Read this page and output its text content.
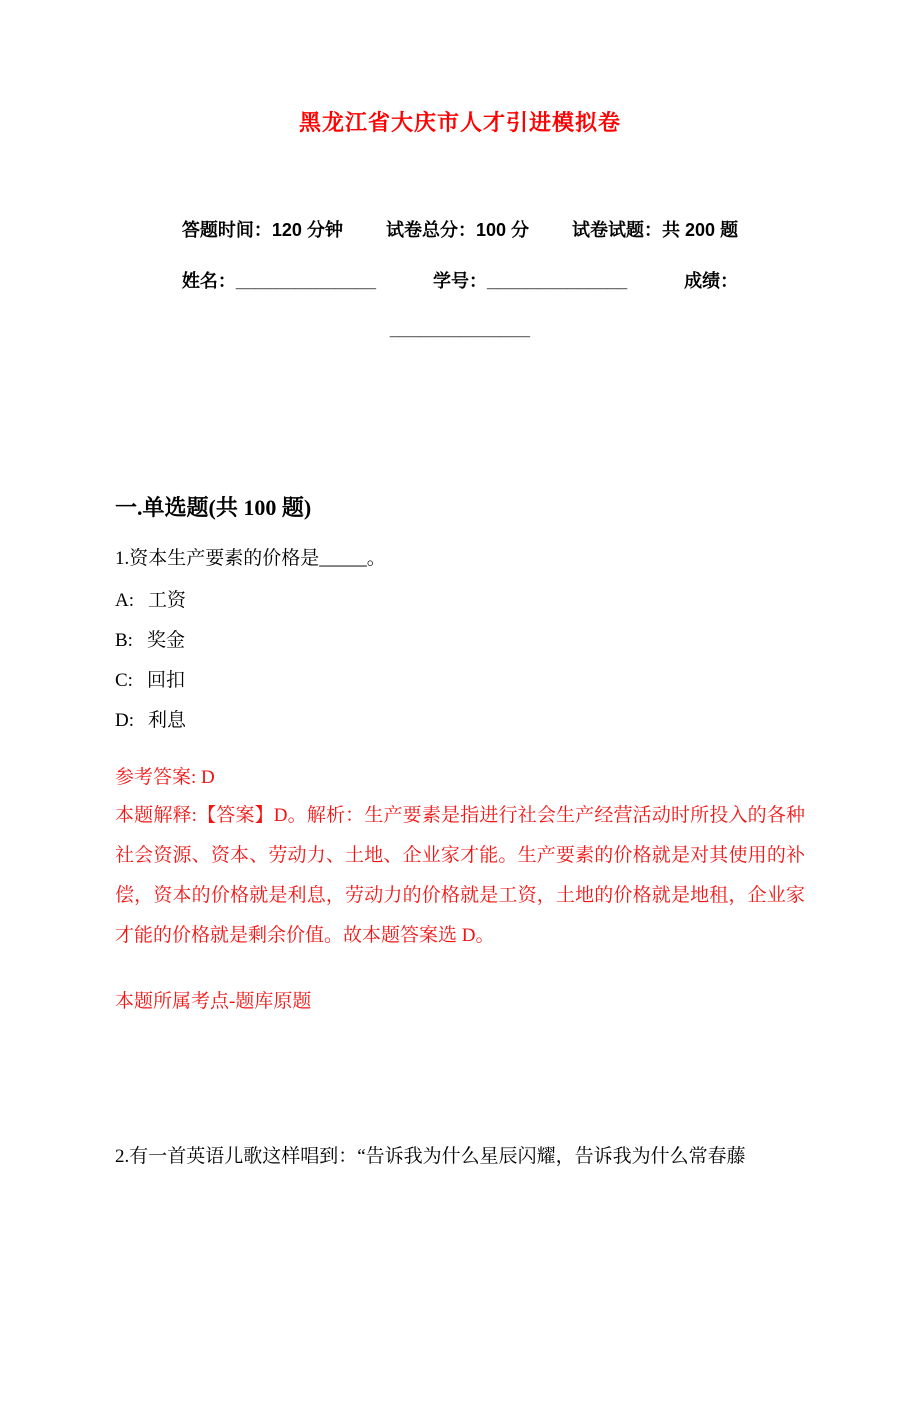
黑龙江省大庆市人才引进模拟卷

答题时间：120 分钟 试卷总分：100 分 试卷试题：共 200 题

姓名：______________	学号：______________	成绩：

______________

一.单选题(共 100 题)

1.资本生产要素的价格是_____。

A: 工资

B: 奖金

C: 回扣

D: 利息

参考答案: D

本题解释:【答案】D。解析：生产要素是指进行社会生产经营活动时所投入的各种社会资源、资本、劳动力、土地、企业家才能。生产要素的价格就是对其使用的补偿，资本的价格就是利息，劳动力的价格就是工资，土地的价格就是地租，企业家才能的价格就是剩余价值。故本题答案选 D。

本题所属考点-题库原题

2.有一首英语儿歌这样唱到：“告诉我为什么星辰闪耀，告诉我为什么常春藤
